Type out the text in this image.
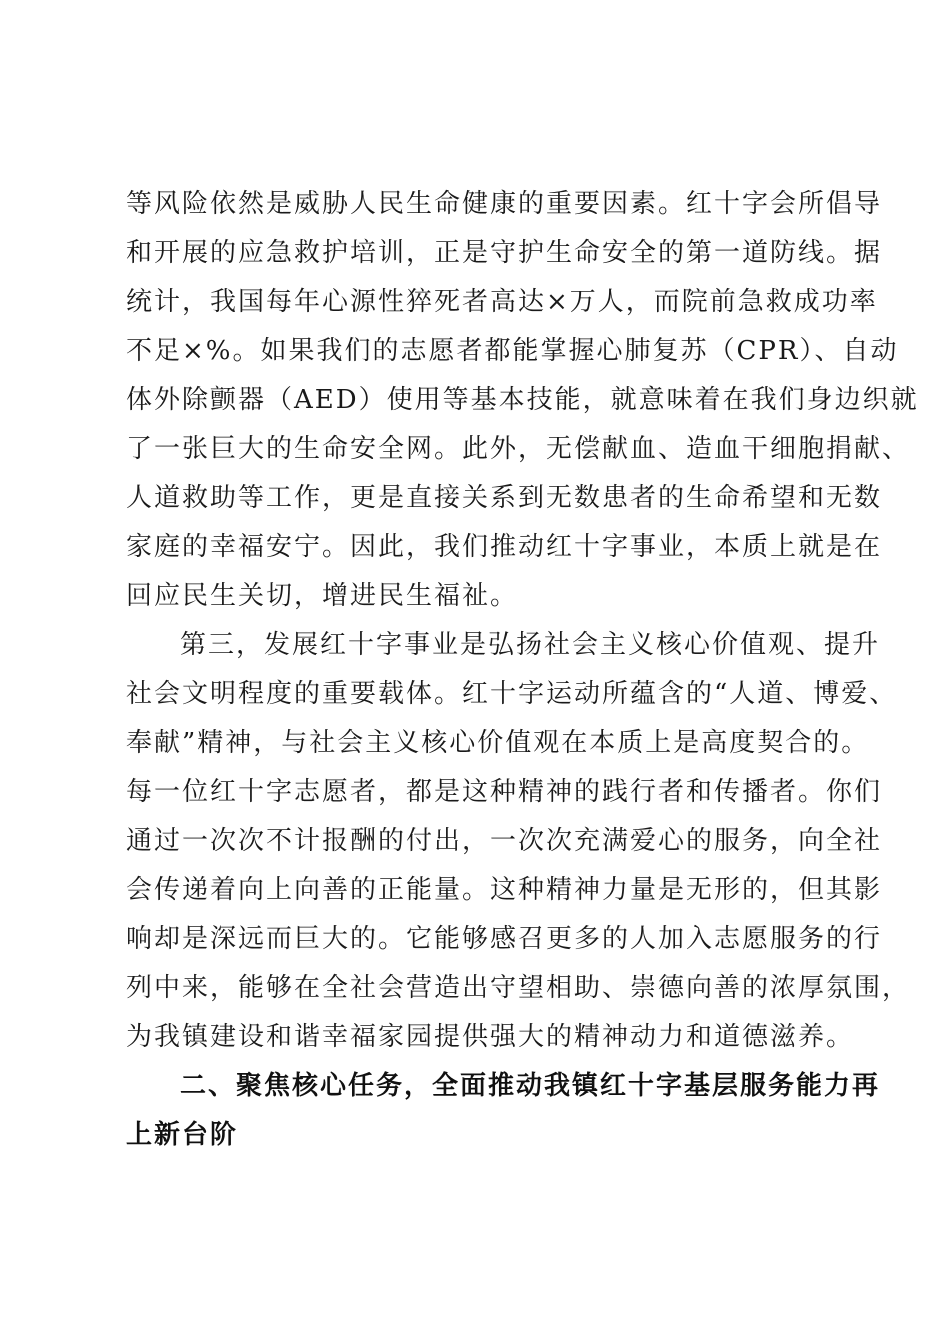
等风险依然是威胁人民生命健康的重要因素。红十字会所倡导
和开展的应急救护培训，正是守护生命安全的第一道防线。据
统计，我国每年心源性猝死者高达×万人，而院前急救成功率
不足×%。如果我们的志愿者都能掌握心肺复苏（CPR）、自动
体外除颤器（AED）使用等基本技能，就意味着在我们身边织就
了一张巨大的生命安全网。此外，无偿献血、造血干细胞捐献、
人道救助等工作，更是直接关系到无数患者的生命希望和无数
家庭的幸福安宁。因此，我们推动红十字事业，本质上就是在
回应民生关切，增进民生福祉。
第三，发展红十字事业是弘扬社会主义核心价值观、提升
社会文明程度的重要载体。红十字运动所蕴含的“人道、博爱、
奉献”精神，与社会主义核心价值观在本质上是高度契合的。
每一位红十字志愿者，都是这种精神的践行者和传播者。你们
通过一次次不计报酬的付出，一次次充满爱心的服务，向全社
会传递着向上向善的正能量。这种精神力量是无形的，但其影
响却是深远而巨大的。它能够感召更多的人加入志愿服务的行
列中来，能够在全社会营造出守望相助、崇德向善的浓厚氛围，
为我镇建设和谐幸福家园提供强大的精神动力和道德滋养。
二、聚焦核心任务，全面推动我镇红十字基层服务能力再
上新台阶
